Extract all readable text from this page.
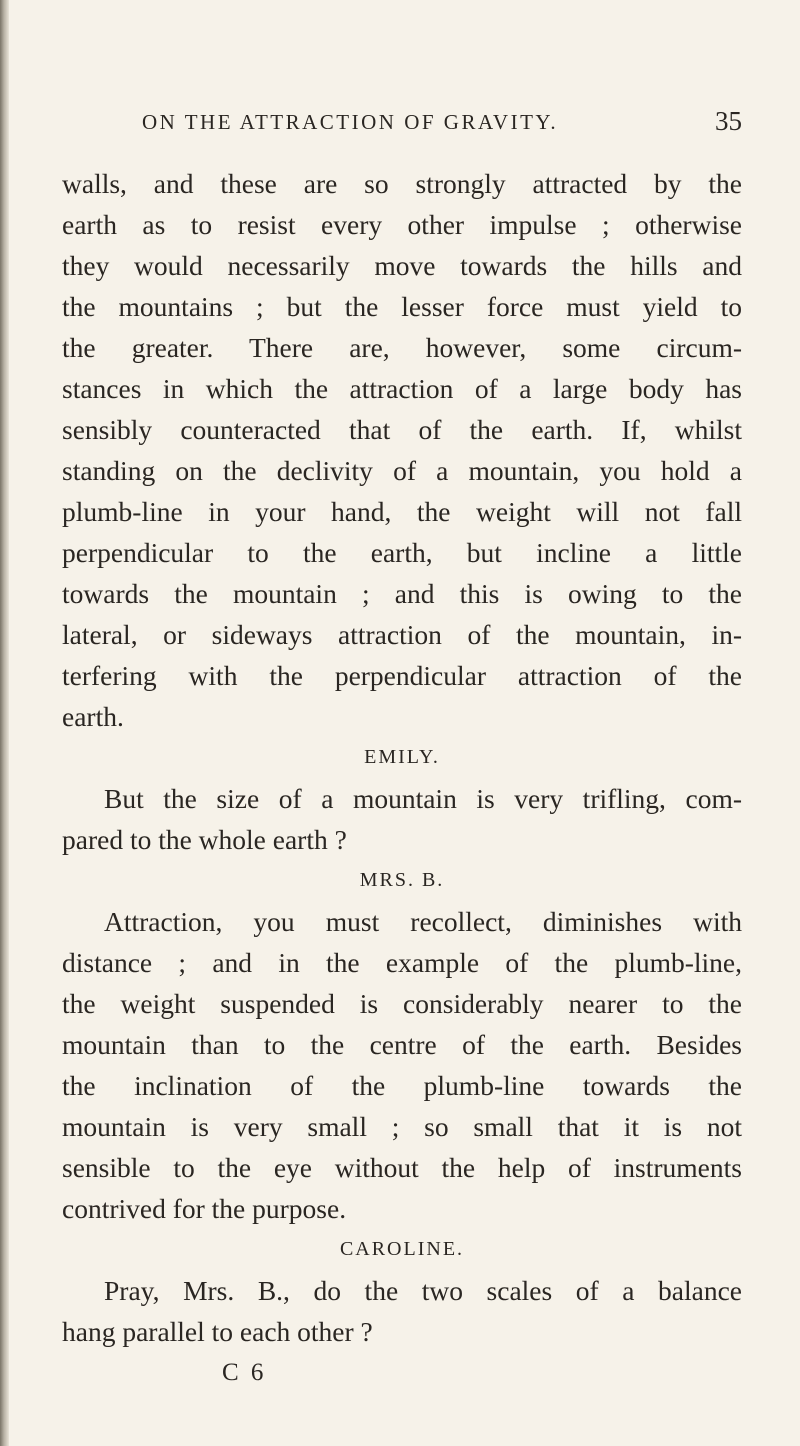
ON THE ATTRACTION OF GRAVITY.	35
walls, and these are so strongly attracted by the
earth as to resist every other impulse ; otherwise
they would necessarily move towards the hills and
the mountains ; but the lesser force must yield to
the greater. There are, however, some circum-
stances in which the attraction of a large body has
sensibly counteracted that of the earth. If, whilst
standing on the declivity of a mountain, you hold a
plumb-line in your hand, the weight will not fall
perpendicular to the earth, but incline a little
towards the mountain ; and this is owing to the
lateral, or sideways attraction of the mountain, in-
terfering with the perpendicular attraction of the
earth.
EMILY.
But the size of a mountain is very trifling, com-
pared to the whole earth ?
MRS. B.
Attraction, you must recollect, diminishes with
distance ; and in the example of the plumb-line,
the weight suspended is considerably nearer to the
mountain than to the centre of the earth. Besides
the inclination of the plumb-line towards the
mountain is very small ; so small that it is not
sensible to the eye without the help of instruments
contrived for the purpose.
CAROLINE.
Pray, Mrs. B., do the two scales of a balance
hang parallel to each other ?
C 6
